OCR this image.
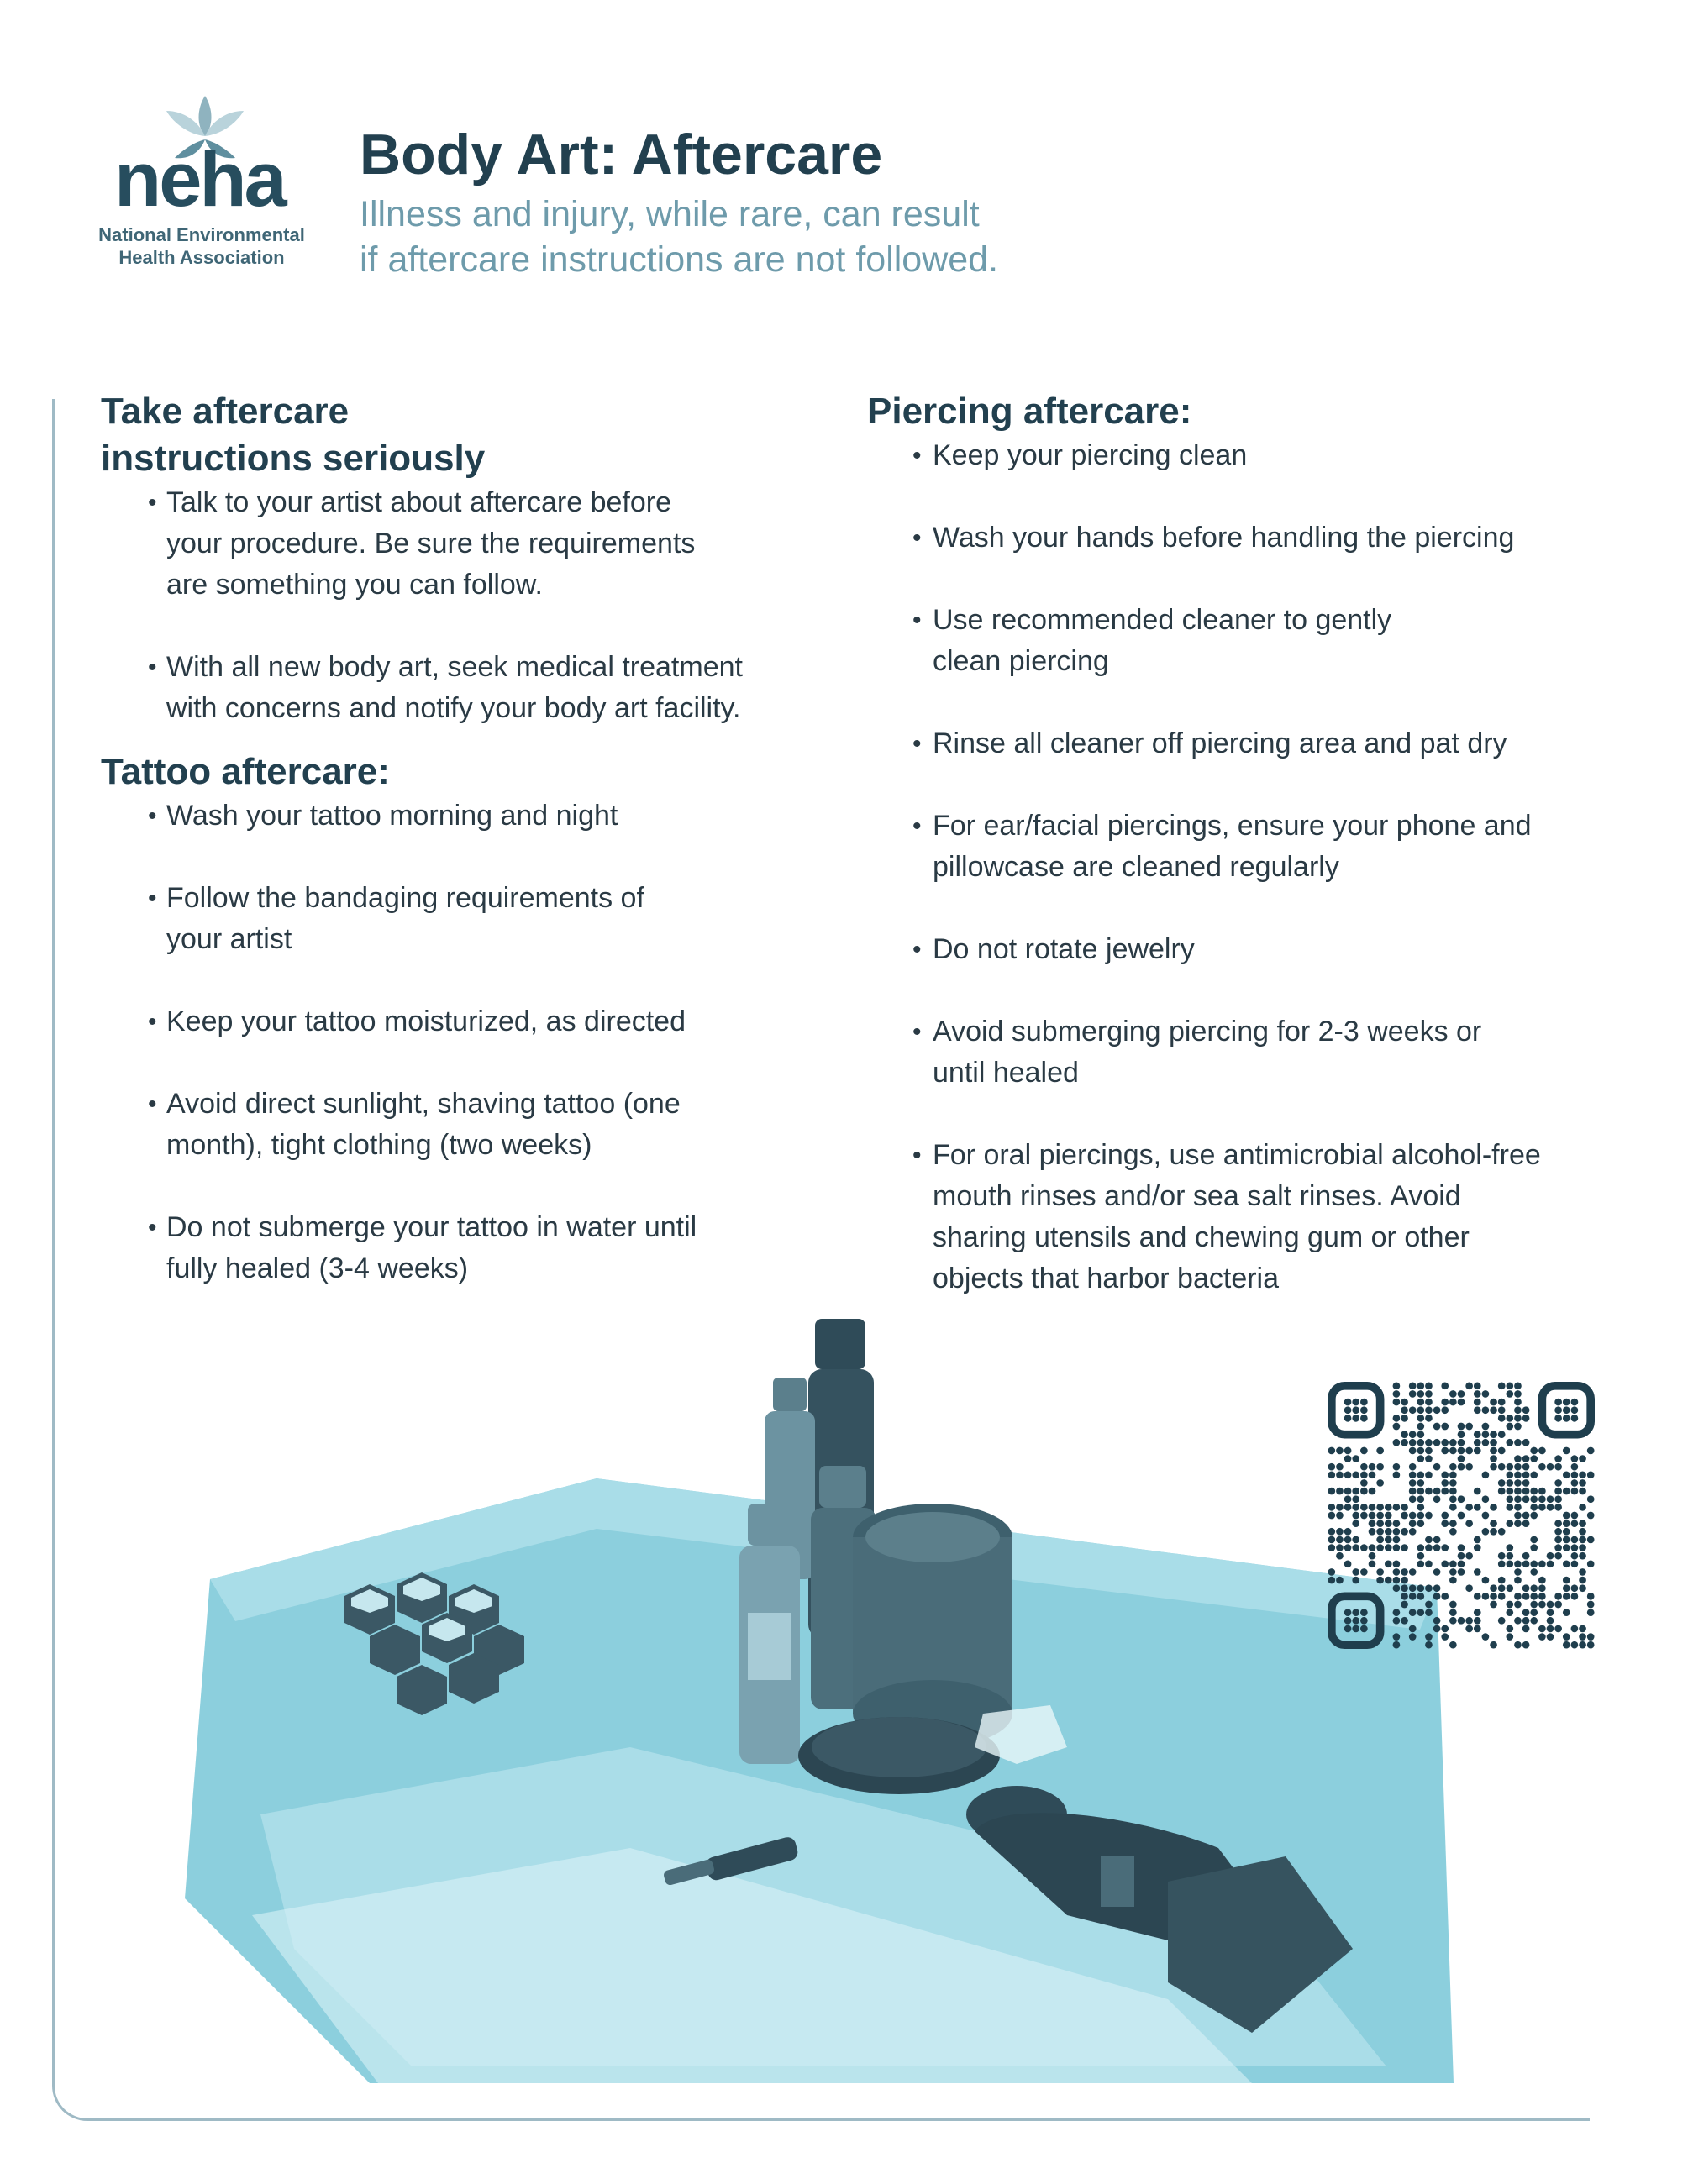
neha
National Environmental
Health Association
Body Art: Aftercare
Illness and injury, while rare, can result
if aftercare instructions are not followed.
Take aftercare
instructions seriously
• Talk to your artist about aftercare before
your procedure. Be sure the requirements
are something you can follow.
• With all new body art, seek medical treatment
with concerns and notify your body art facility.
Tattoo aftercare:
• Wash your tattoo morning and night
• Follow the bandaging requirements of
your artist
• Keep your tattoo moisturized, as directed
• Avoid direct sunlight, shaving tattoo (one
month), tight clothing (two weeks)
• Do not submerge your tattoo in water until
fully healed (3-4 weeks)
Piercing aftercare:
• Keep your piercing clean
• Wash your hands before handling the piercing
• Use recommended cleaner to gently
clean piercing
• Rinse all cleaner off piercing area and pat dry
• For ear/facial piercings, ensure your phone and
pillowcase are cleaned regularly
• Do not rotate jewelry
• Avoid submerging piercing for 2-3 weeks or
until healed
• For oral piercings, use antimicrobial alcohol-free
mouth rinses and/or sea salt rinses. Avoid
sharing utensils and chewing gum or other
objects that harbor bacteria
